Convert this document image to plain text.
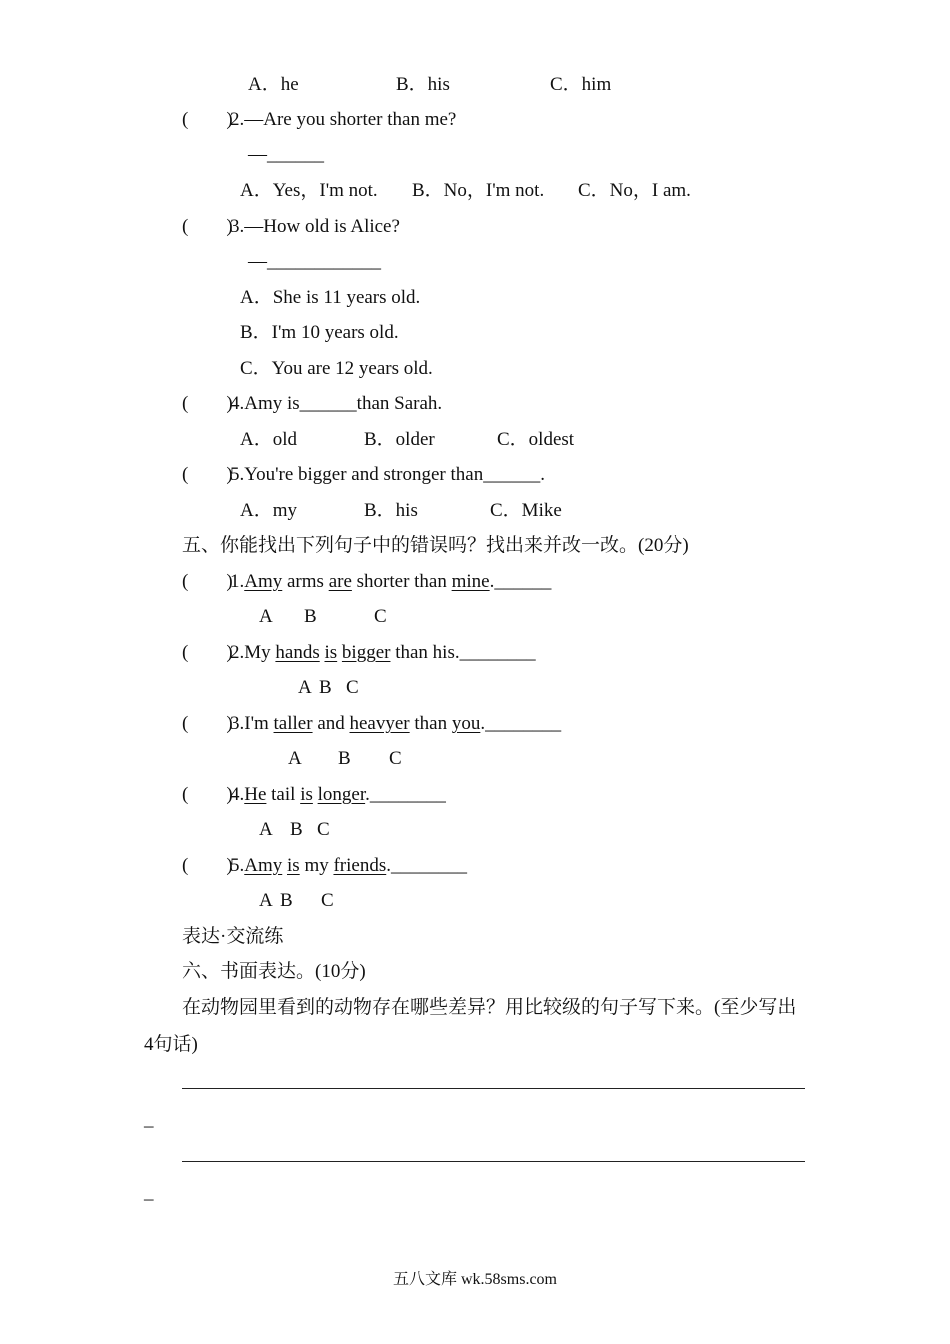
A．he	B．his	C．him
(　　)
2.—Are you shorter than me?
—______
A．Yes，I'm not. B．No，I'm not. C．No，I am.
(　　)
3.—How old is Alice?
—____________
A．She is 11 years old.
B．I'm 10 years old.
C．You are 12 years old.
(　　)
4.Amy is______than Sarah.
A．old	B．older	C．oldest
(　　)
5.You're bigger and stronger than______.
A．my	B．his	C．Mike
五、你能找出下列句子中的错误吗？找出来并改一改。(20分)
(　　)
1.Amy arms are shorter than mine.______
A B	C
(　　)
2.My hands is bigger than his.________
A B C
(　　)
3.I'm taller and heavyer than you.________
A B C
(　　)
4.He tail is longer.________
A B C
(　　)
5.Amy is my friends.________
A B C
表达·交流练
六、书面表达。(10分)
在动物园里看到的动物存在哪些差异？用比较级的句子写下来。(至少写出
4句话)
_
_
五八文库 wk.58sms.com
